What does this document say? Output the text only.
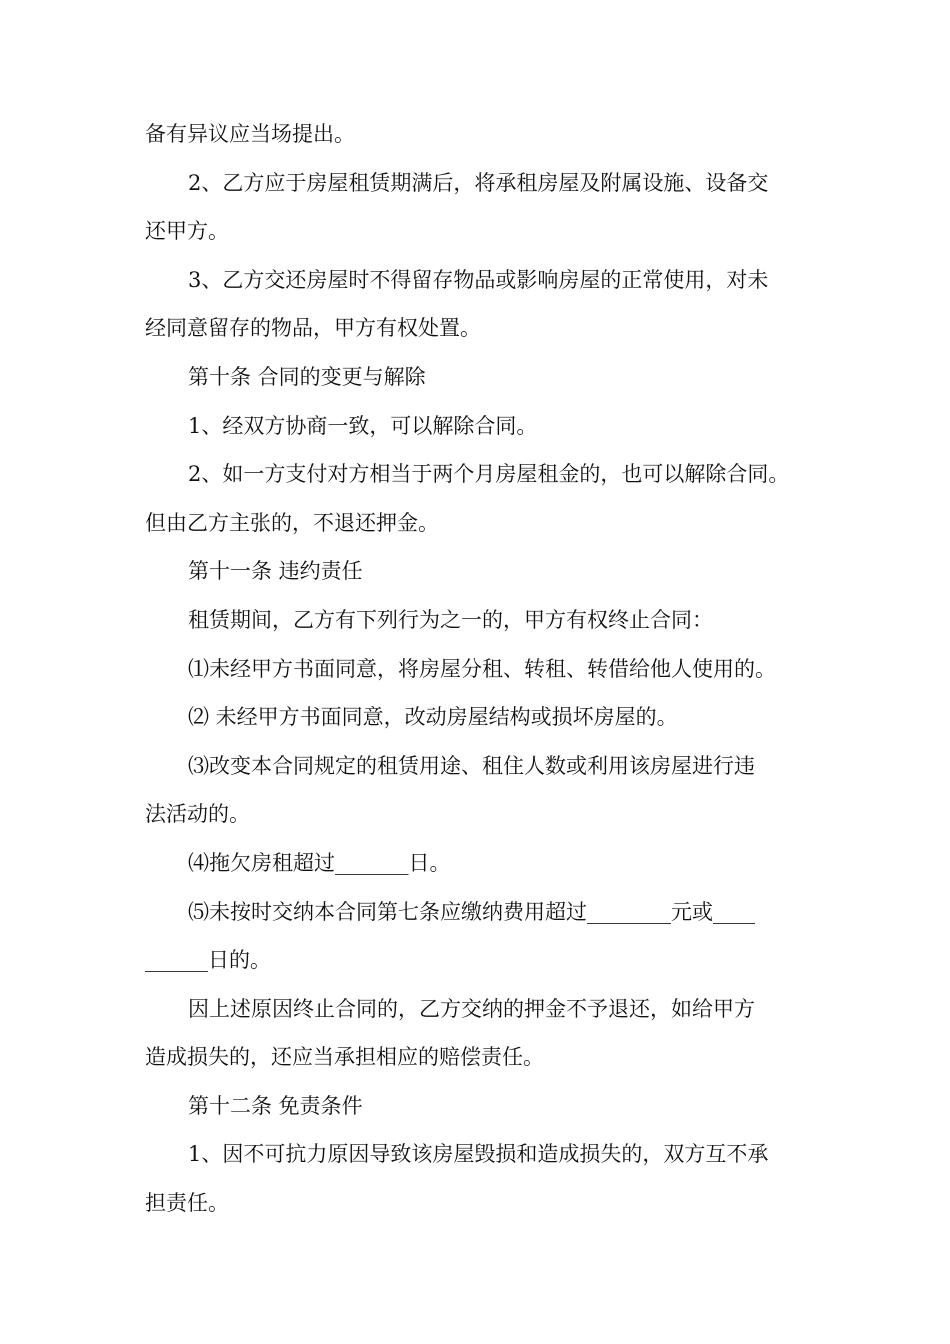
备有异议应当场提出。
2、乙方应于房屋租赁期满后，将承租房屋及附属设施、设备交
还甲方。
3、乙方交还房屋时不得留存物品或影响房屋的正常使用，对未
经同意留存的物品，甲方有权处置。
第十条 合同的变更与解除
1、经双方协商一致，可以解除合同。
2、如一方支付对方相当于两个月房屋租金的，也可以解除合同。
但由乙方主张的，不退还押金。
第十一条 违约责任
租赁期间，乙方有下列行为之一的，甲方有权终止合同：
⑴未经甲方书面同意，将房屋分租、转租、转借给他人使用的。
⑵ 未经甲方书面同意，改动房屋结构或损坏房屋的。
⑶改变本合同规定的租赁用途、租住人数或利用该房屋进行违
法活动的。
⑷拖欠房租超过_______日。
⑸未按时交纳本合同第七条应缴纳费用超过________元或____
______日的。
因上述原因终止合同的，乙方交纳的押金不予退还，如给甲方
造成损失的，还应当承担相应的赔偿责任。
第十二条 免责条件
1、因不可抗力原因导致该房屋毁损和造成损失的，双方互不承
担责任。
